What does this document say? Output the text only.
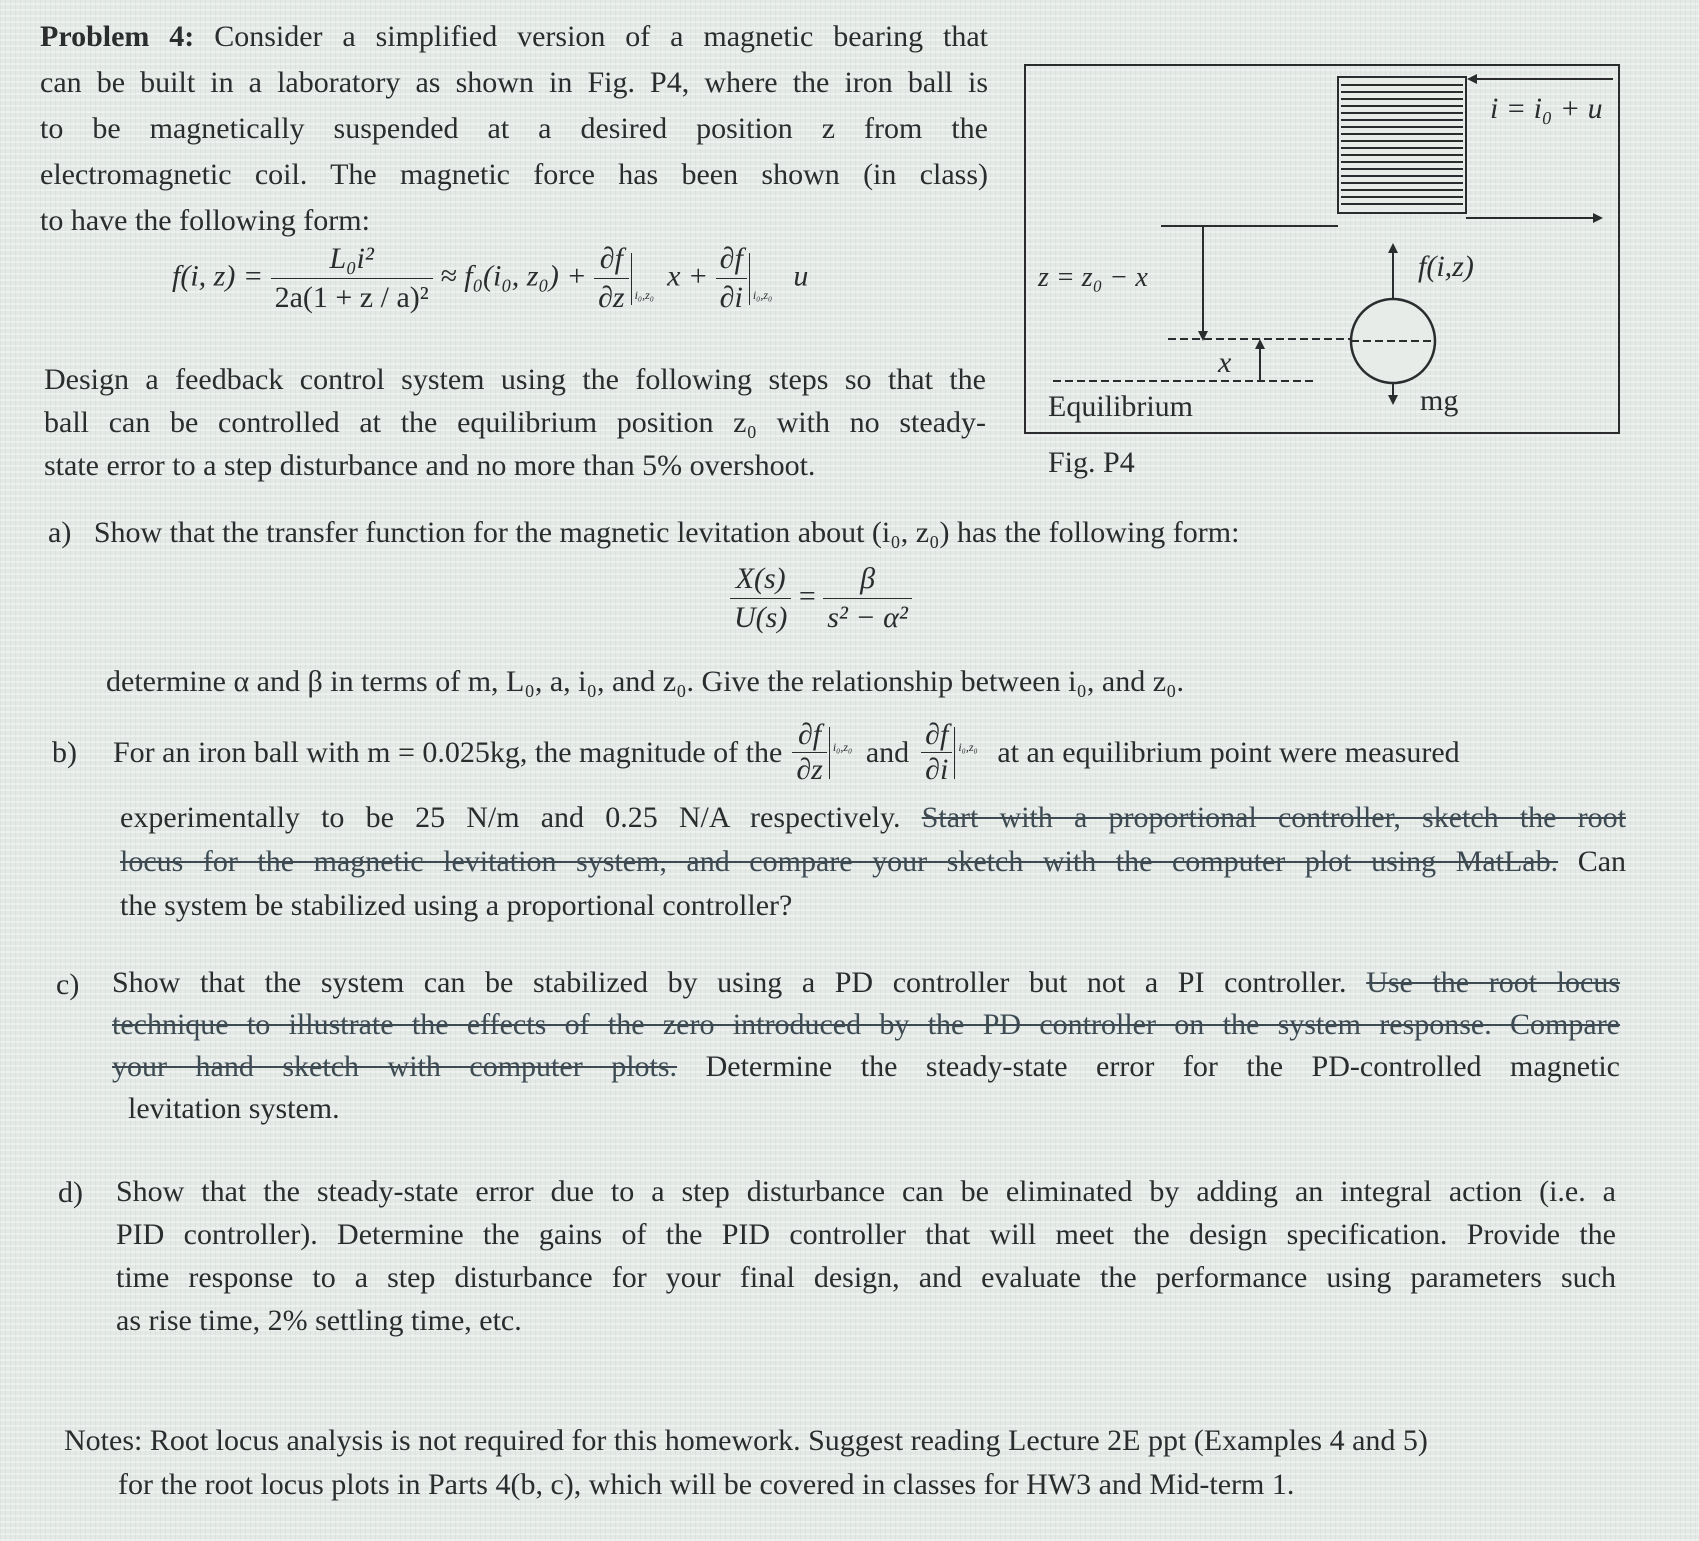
Problem 4: Consider a simplified version of a magnetic bearing that
can be built in a laboratory as shown in Fig. P4, where the iron ball is
to be magnetically suspended at a desired position z from the
electromagnetic coil. The magnetic force has been shown (in class)
to have the following form:
f(i, $z) = \frac{\text{L₀i²}}{\text{2a(1 + z / a)²}} \approx f_0(i_0$, $z_0) + \frac{\partial f}{\partial z} i_0,z_0$
$x + \frac{\partial f}{\partial i} i_0,z_0$
u
Design a feedback control system using the following steps so that the
ball can be controlled at the equilibrium position z₀ with no steady-
state error to a step disturbance and no more than 5% overshoot.
i = i₀ + u
z = z₀ − x	f(i,z)
x
mg
Equilibrium
Fig. P4
a) Show that the transfer function for the magnetic levitation about (i₀, z₀) has the following form:
$\frac{X(s)}{U(s)} = \frac{\beta}{\text{s² − α²}}$
determine α and β in terms of m, L₀, a, i₀, and z₀. Give the relationship between i₀, and z₀.
b) For an iron ball with m = 0.025kg, the magnitude of the $\frac{\partial f}{\partial z} i_0,z_0$ and $\frac{\partial f}{\partial i} i_0,z_0$ at an equilibrium point were measured
experimentally to be 25 N/m and 0.25 N/A respectively. Start with a proportional controller, sketch the root
locus for the magnetic levitation system, and compare your sketch with the computer plot using MatLab. Can
the system be stabilized using a proportional controller?
c) Show that the system can be stabilized by using a PD controller but not a PI controller. Use the root locus
technique to illustrate the effects of the zero introduced by the PD controller on the system response. Compare
your hand sketch with computer plots. Determine the steady-state error for the PD-controlled magnetic
levitation system.
d) Show that the steady-state error due to a step disturbance can be eliminated by adding an integral action (i.e. a
PID controller). Determine the gains of the PID controller that will meet the design specification. Provide the
time response to a step disturbance for your final design, and evaluate the performance using parameters such
as rise time, 2% settling time, etc.
Notes: Root locus analysis is not required for this homework. Suggest reading Lecture 2E ppt (Examples 4 and 5)
for the root locus plots in Parts 4(b, c), which will be covered in classes for HW3 and Mid-term 1.
